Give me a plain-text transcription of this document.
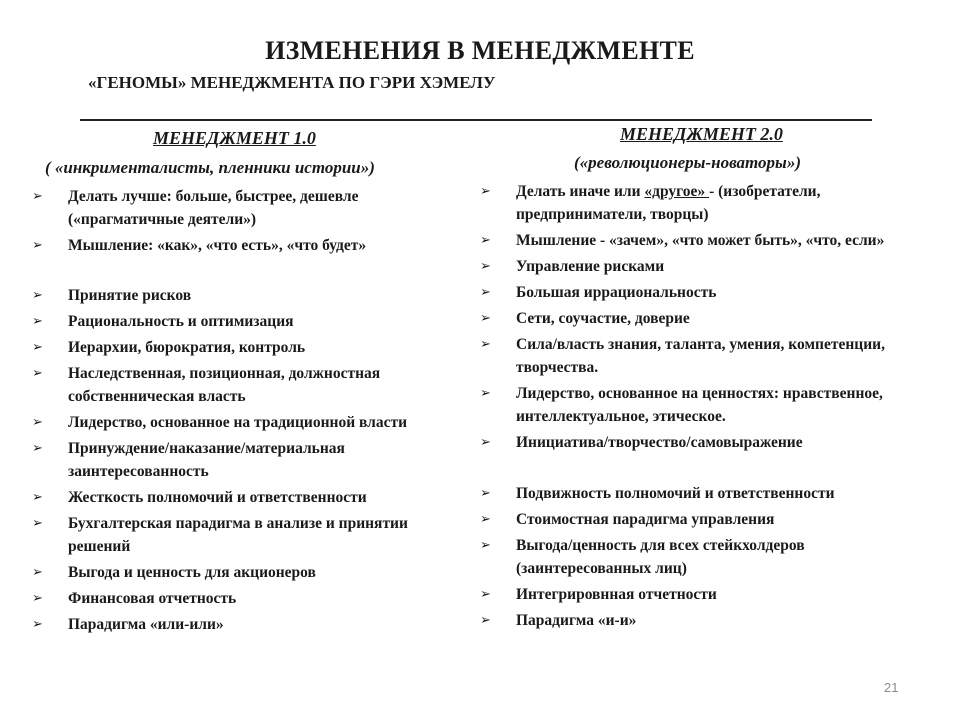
ИЗМЕНЕНИЯ В МЕНЕДЖМЕНТЕ
«ГЕНОМЫ» МЕНЕДЖМЕНТА ПО ГЭРИ ХЭМЕЛУ
МЕНЕДЖМЕНТ 1.0
( «инкрименталисты, пленники истории»)
➢ Делать лучше: больше, быстрее, дешевле («прагматичные деятели»)
➢ Мышление: «как», «что есть», «что будет»
➢ Принятие рисков
➢ Рациональность и оптимизация
➢ Иерархии, бюрократия, контроль
➢ Наследственная, позиционная, должностная собственническая власть
➢ Лидерство, основанное на традиционной власти
➢ Принуждение/наказание/материальная заинтересованность
➢ Жесткость полномочий и ответственности
➢ Бухгалтерская парадигма в анализе и принятии решений
➢ Выгода и ценность для акционеров
➢ Финансовая отчетность
➢ Парадигма «или-или»
МЕНЕДЖМЕНТ 2.0
(«революционеры-новаторы»)
➢ Делать иначе или «другое» - (изобретатели, предприниматели, творцы)
➢ Мышление - «зачем», «что может быть», «что, если»
➢ Управление рисками
➢ Большая иррациональность
➢ Сети, соучастие, доверие
➢ Сила/власть знания, таланта, умения, компетенции, творчества.
➢ Лидерство, основанное на ценностях: нравственное, интеллектуальное, этическое.
➢ Инициатива/творчество/самовыражение
➢ Подвижность полномочий и ответственности
➢ Стоимостная парадигма управления
➢ Выгода/ценность для всех стейкхолдеров (заинтересованных лиц)
➢ Интегрировнная отчетности
➢ Парадигма «и-и»
21
